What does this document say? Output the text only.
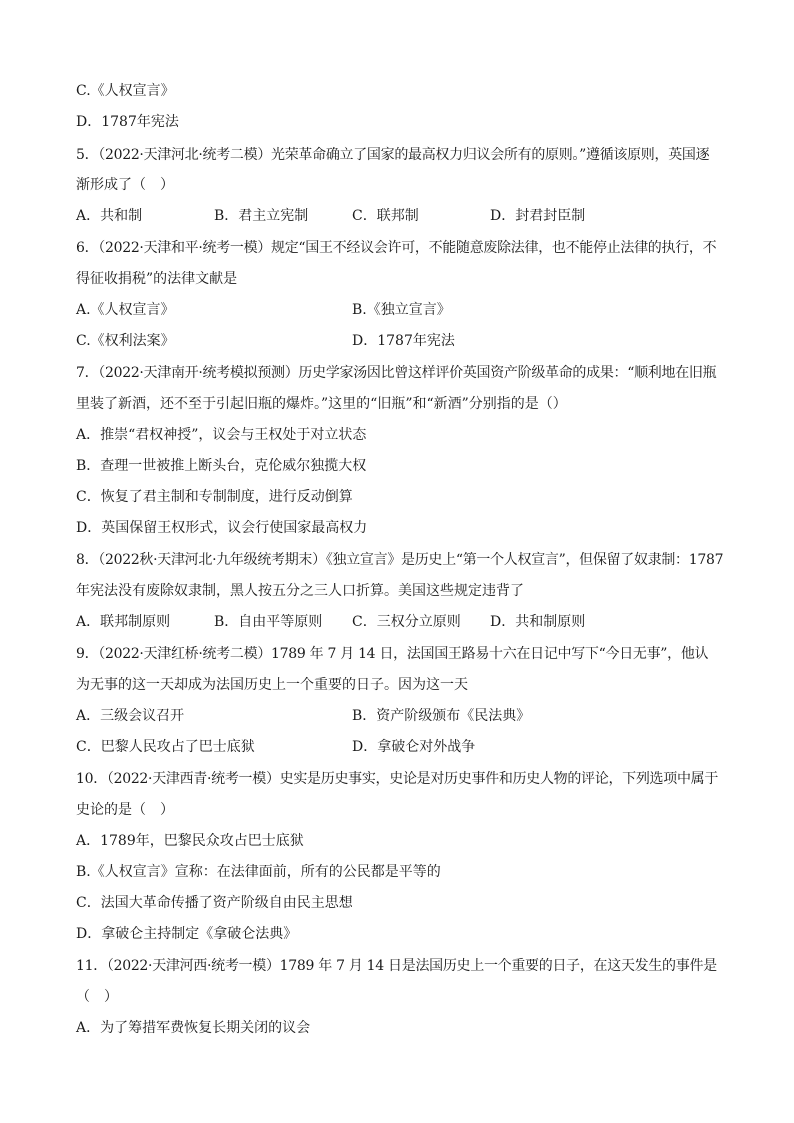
C.《人权宣言》
D．1787年宪法
5．（2022·天津河北·统考二模）光荣革命确立了国家的最高权力归议会所有的原则。”遵循该原则，英国逐
渐形成了（　）
A．共和制	B．君主立宪制	C．联邦制	D．封君封臣制
6．（2022·天津和平·统考一模）规定“国王不经议会许可，不能随意废除法律，也不能停止法律的执行，不
得征收捐税”的法律文献是
A.《人权宣言》	B.《独立宣言》
C.《权利法案》	D．1787年宪法
7．（2022·天津南开·统考模拟预测）历史学家汤因比曾这样评价英国资产阶级革命的成果：“顺利地在旧瓶
里装了新酒，还不至于引起旧瓶的爆炸。”这里的“旧瓶”和“新酒”分别指的是（）
A．推崇“君权神授”，议会与王权处于对立状态
B．查理一世被推上断头台，克伦威尔独揽大权
C．恢复了君主制和专制制度，进行反动倒算
D．英国保留王权形式，议会行使国家最高权力
8．（2022秋·天津河北·九年级统考期末）《独立宣言》是历史上“第一个人权宣言”，但保留了奴隶制：1787
年宪法没有废除奴隶制，黑人按五分之三人口折算。美国这些规定违背了
A．联邦制原则	B．自由平等原则 C．三权分立原则 D．共和制原则
9．（2022·天津红桥·统考二模）1789 年 7 月 14 日，法国国王路易十六在日记中写下“今日无事”，他认
为无事的这一天却成为法国历史上一个重要的日子。因为这一天
A．三级会议召开	B．资产阶级颁布《民法典》
C．巴黎人民攻占了巴士底狱	D．拿破仑对外战争
10．（2022·天津西青·统考一模）史实是历史事实，史论是对历史事件和历史人物的评论，下列选项中属于
史论的是（　）
A．1789年，巴黎民众攻占巴士底狱
B.《人权宣言》宣称：在法律面前，所有的公民都是平等的
C．法国大革命传播了资产阶级自由民主思想
D．拿破仑主持制定《拿破仑法典》
11．（2022·天津河西·统考一模）1789 年 7 月 14 日是法国历史上一个重要的日子，在这天发生的事件是
（　）
A．为了筹措军费恢复长期关闭的议会
